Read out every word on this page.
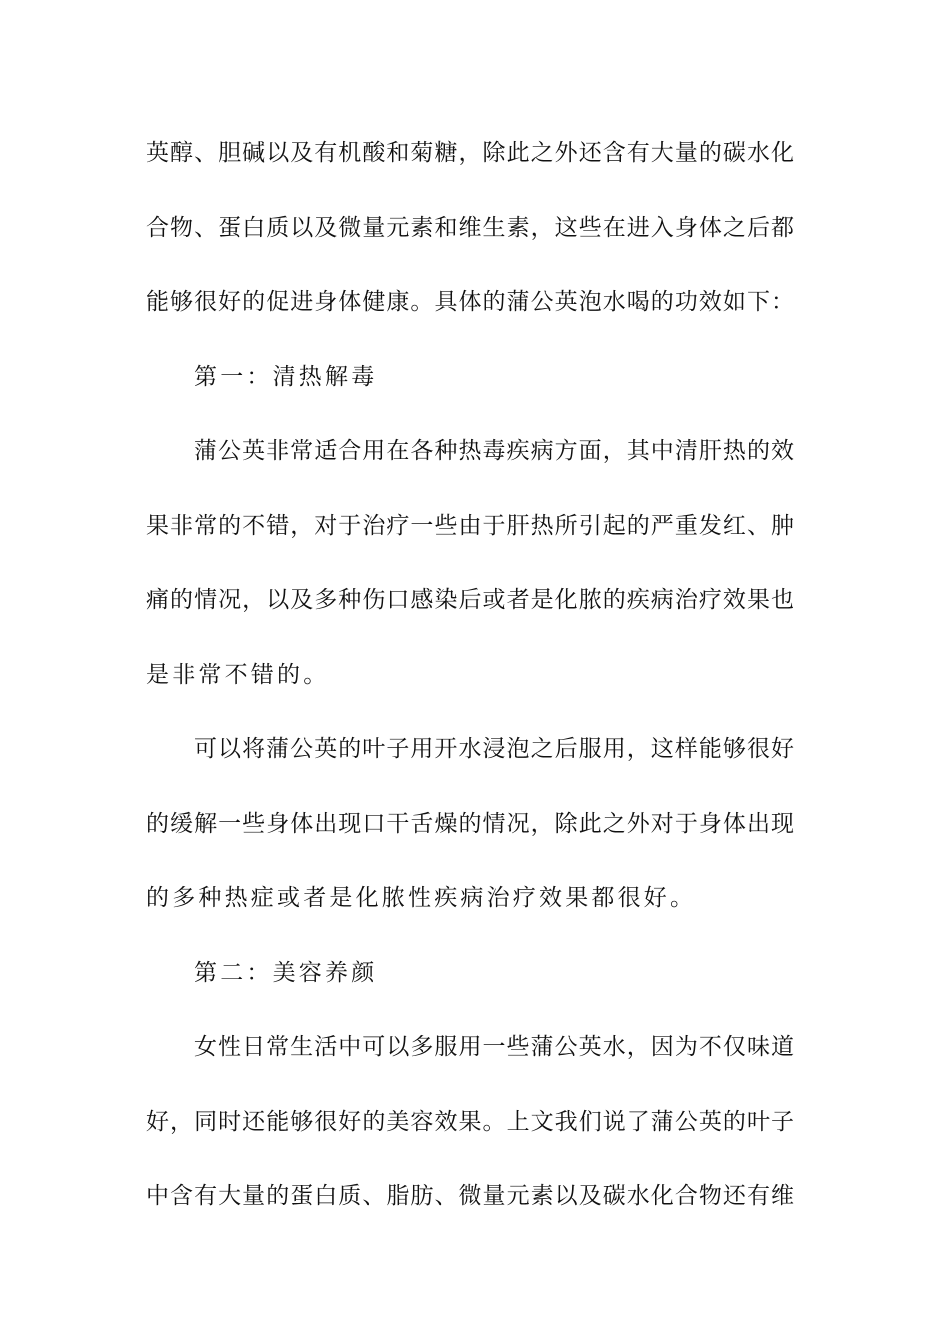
英醇、胆碱以及有机酸和菊糖，除此之外还含有大量的碳水化
合物、蛋白质以及微量元素和维生素，这些在进入身体之后都
能够很好的促进身体健康。具体的蒲公英泡水喝的功效如下：
第一：清热解毒
蒲公英非常适合用在各种热毒疾病方面，其中清肝热的效
果非常的不错，对于治疗一些由于肝热所引起的严重发红、肿
痛的情况，以及多种伤口感染后或者是化脓的疾病治疗效果也
是非常不错的。
可以将蒲公英的叶子用开水浸泡之后服用，这样能够很好
的缓解一些身体出现口干舌燥的情况，除此之外对于身体出现
的多种热症或者是化脓性疾病治疗效果都很好。
第二：美容养颜
女性日常生活中可以多服用一些蒲公英水，因为不仅味道
好，同时还能够很好的美容效果。上文我们说了蒲公英的叶子
中含有大量的蛋白质、脂肪、微量元素以及碳水化合物还有维
